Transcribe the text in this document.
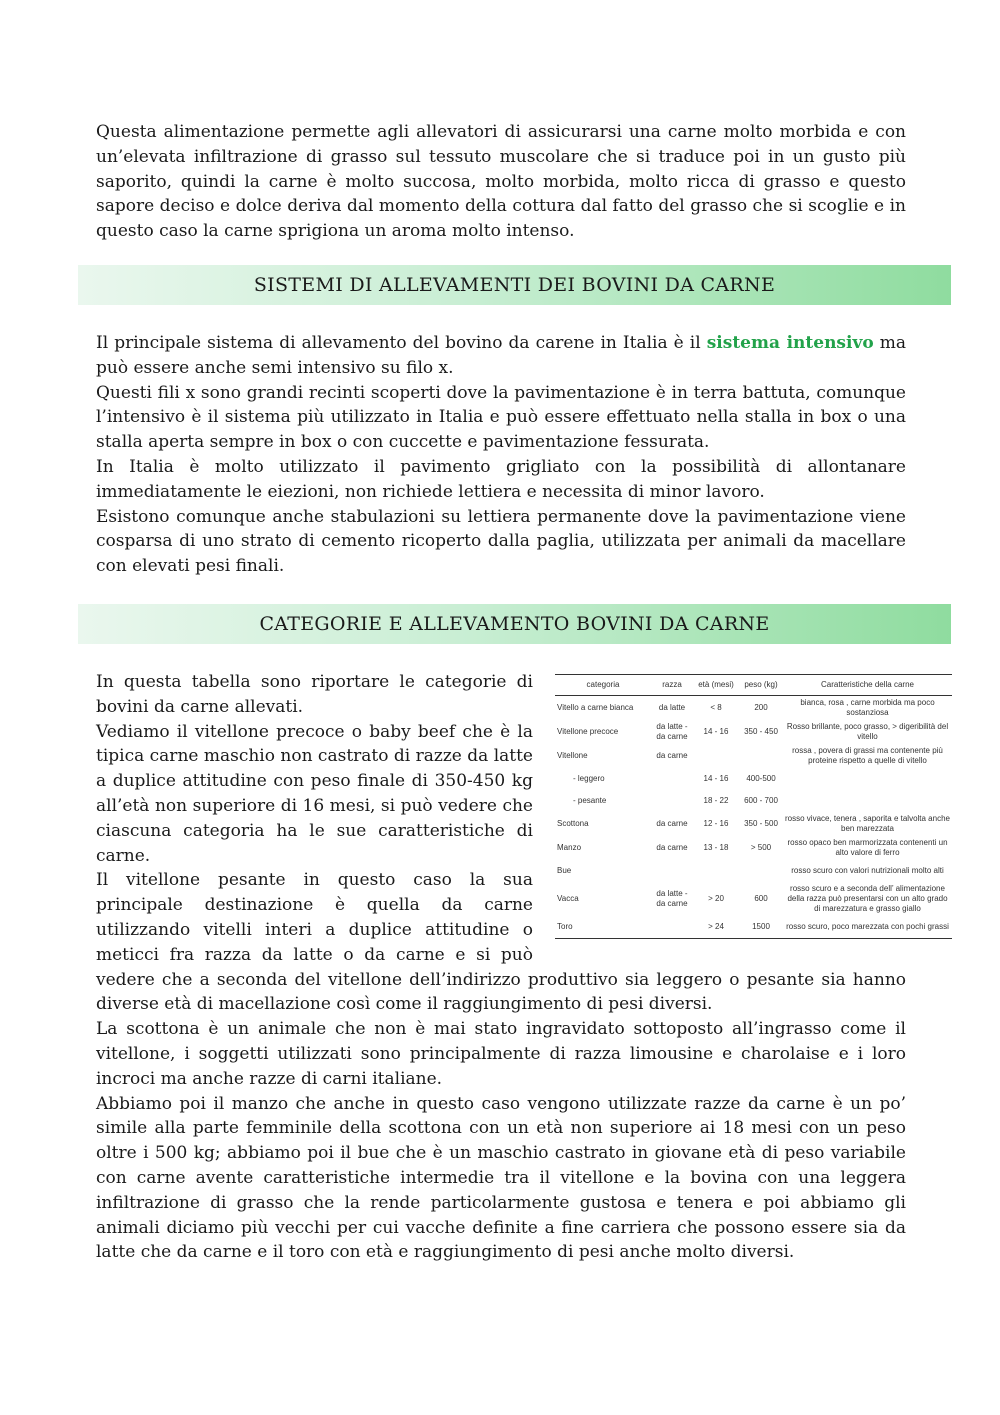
Questa alimentazione permette agli allevatori di assicurarsi una carne molto morbida e con un’elevata infiltrazione di grasso sul tessuto muscolare che si traduce poi in un gusto più saporito, quindi la carne è molto succosa, molto morbida, molto ricca di grasso e questo sapore deciso e dolce deriva dal momento della cottura dal fatto del grasso che si scoglie e in questo caso la carne sprigiona un aroma molto intenso.

SISTEMI DI ALLEVAMENTI DEI BOVINI DA CARNE

Il principale sistema di allevamento del bovino da carene in Italia è il sistema intensivo ma può essere anche semi intensivo su filo x.

Questi fili x sono grandi recinti scoperti dove la pavimentazione è in terra battuta, comunque l’intensivo è il sistema più utilizzato in Italia e può essere effettuato nella stalla in box o una stalla aperta sempre in box o con cuccette e pavimentazione fessurata.

In Italia è molto utilizzato il pavimento grigliato con la possibilità di allontanare immediatamente le eiezioni, non richiede lettiera e necessita di minor lavoro.

Esistono comunque anche stabulazioni su lettiera permanente dove la pavimentazione viene cosparsa di uno strato di cemento ricoperto dalla paglia, utilizzata per animali da macellare con elevati pesi finali.

CATEGORIE E ALLEVAMENTO BOVINI DA CARNE
categoria	razza	età (mesi)	peso (kg)	Caratteristiche della carne
Vitello a carne bianca	da latte	< 8	200	bianca, rosa , carne morbida ma poco sostanziosa
Vitellone precoce	da latte - da carne	14 - 16	350 - 450	Rosso brillante, poco grasso, > digeribilità del vitello
Vitellone	da carne			rossa , povera di grassi ma contenente più proteine rispetto a quelle di vitello
- leggero		14 - 16	400-500	
- pesante		18 - 22	600 - 700	
Scottona	da carne	12 - 16	350 - 500	rosso vivace, tenera , saporita e talvolta anche ben marezzata
Manzo	da carne	13 - 18	> 500	rosso opaco ben marmorizzata contenenti un alto valore di ferro
Bue				rosso scuro con valori nutrizionali molto alti
Vacca	da latte - da carne	> 20	600	rosso scuro e a seconda dell’ alimentazione della razza può presentarsi con un alto grado di marezzatura e grasso giallo
Toro		> 24	1500	rosso scuro, poco marezzata con pochi grassi

In questa tabella sono riportare le categorie di bovini da carne allevati.

Vediamo il vitellone precoce o baby beef che è la tipica carne maschio non castrato di razze da latte a duplice attitudine con peso finale di 350-450 kg all’età non superiore di 16 mesi, si può vedere che ciascuna categoria ha le sue caratteristiche di carne.

Il vitellone pesante in questo caso la sua principale destinazione è quella da carne utilizzando vitelli interi a duplice attitudine o meticci fra razza da latte o da carne e si può vedere che a seconda del vitellone dell’indirizzo produttivo sia leggero o pesante sia hanno diverse età di macellazione così come il raggiungimento di pesi diversi.

La scottona è un animale che non è mai stato ingravidato sottoposto all’ingrasso come il vitellone, i soggetti utilizzati sono principalmente di razza limousine e charolaise e i loro incroci ma anche razze di carni italiane.

Abbiamo poi il manzo che anche in questo caso vengono utilizzate razze da carne è un po’ simile alla parte femminile della scottona con un età non superiore ai 18 mesi con un peso oltre i 500 kg; abbiamo poi il bue che è un maschio castrato in giovane età di peso variabile con carne avente caratteristiche intermedie tra il vitellone e la bovina con una leggera infiltrazione di grasso che la rende particolarmente gustosa e tenera e poi abbiamo gli animali diciamo più vecchi per cui vacche definite a fine carriera che possono essere sia da latte che da carne e il toro con età e raggiungimento di pesi anche molto diversi.
